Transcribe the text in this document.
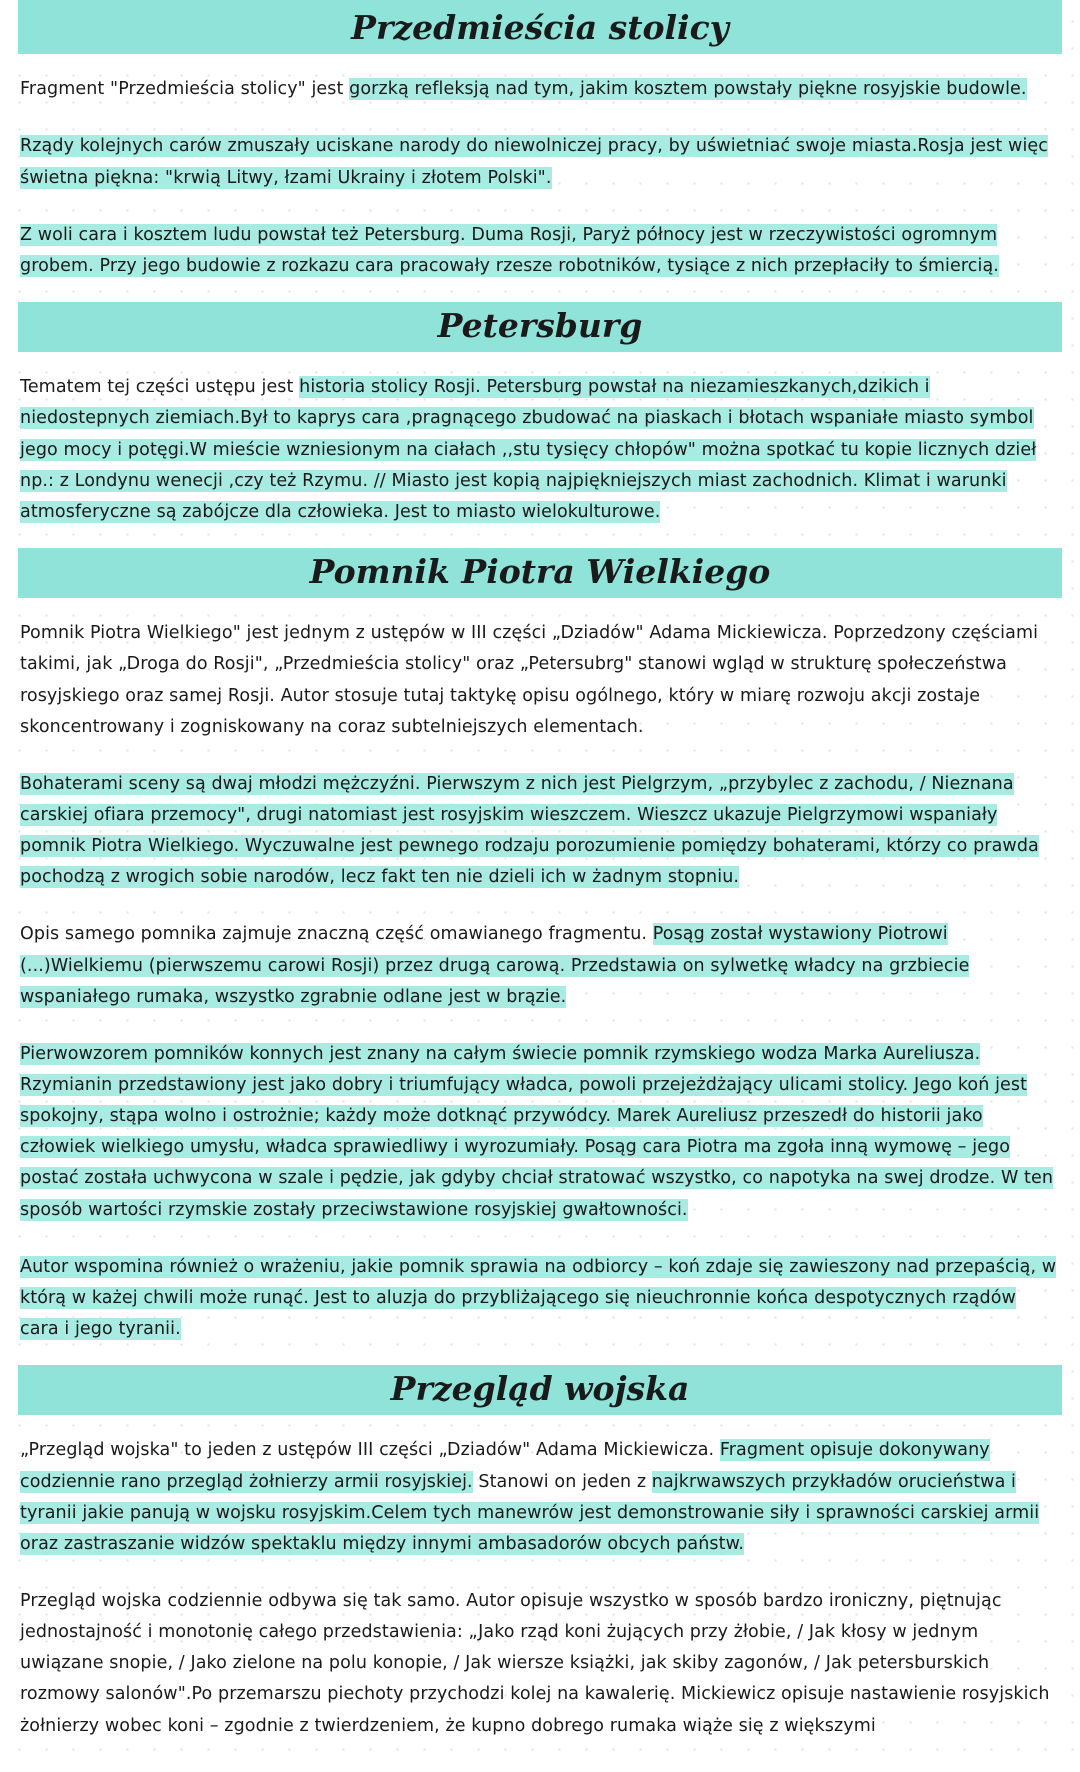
Przedmieścia stolicy

Fragment "Przedmieścia stolicy" jest gorzką refleksją nad tym, jakim kosztem powstały piękne rosyjskie budowle.

Rządy kolejnych carów zmuszały uciskane narody do niewolniczej pracy, by uświetniać swoje miasta.Rosja jest więc świetna piękna: "krwią Litwy, łzami Ukrainy i złotem Polski".

Z woli cara i kosztem ludu powstał też Petersburg. Duma Rosji, Paryż północy jest w rzeczywistości ogromnym grobem. Przy jego budowie z rozkazu cara pracowały rzesze robotników, tysiące z nich przepłaciły to śmiercią.

Petersburg

Tematem tej części ustępu jest historia stolicy Rosji. Petersburg powstał na niezamieszkanych,dzikich i niedostepnych ziemiach.Był to kaprys cara ,pragnącego zbudować na piaskach i błotach wspaniałe miasto symbol jego mocy i potęgi.W mieście wzniesionym na ciałach ,,stu tysięcy chłopów" można spotkać tu kopie licznych dzieł np.: z Londynu wenecji ,czy też Rzymu. // Miasto jest kopią najpiękniejszych miast zachodnich. Klimat i warunki atmosferyczne są zabójcze dla człowieka. Jest to miasto wielokulturowe.

Pomnik Piotra Wielkiego

Pomnik Piotra Wielkiego" jest jednym z ustępów w III części „Dziadów" Adama Mickiewicza. Poprzedzony częściami takimi, jak „Droga do Rosji", „Przedmieścia stolicy" oraz „Petersubrg" stanowi wgląd w strukturę społeczeństwa rosyjskiego oraz samej Rosji. Autor stosuje tutaj taktykę opisu ogólnego, który w miarę rozwoju akcji zostaje skoncentrowany i zogniskowany na coraz subtelniejszych elementach.

Bohaterami sceny są dwaj młodzi mężczyźni. Pierwszym z nich jest Pielgrzym, „przybylec z zachodu, / Nieznana carskiej ofiara przemocy", drugi natomiast jest rosyjskim wieszczem. Wieszcz ukazuje Pielgrzymowi wspaniały pomnik Piotra Wielkiego. Wyczuwalne jest pewnego rodzaju porozumienie pomiędzy bohaterami, którzy co prawda pochodzą z wrogich sobie narodów, lecz fakt ten nie dzieli ich w żadnym stopniu.

Opis samego pomnika zajmuje znaczną część omawianego fragmentu. Posąg został wystawiony Piotrowi (...)Wielkiemu (pierwszemu carowi Rosji) przez drugą carową. Przedstawia on sylwetkę władcy na grzbiecie wspaniałego rumaka, wszystko zgrabnie odlane jest w brązie.

Pierwowzorem pomników konnych jest znany na całym świecie pomnik rzymskiego wodza Marka Aureliusza. Rzymianin przedstawiony jest jako dobry i triumfujący władca, powoli przejeżdżający ulicami stolicy. Jego koń jest spokojny, stąpa wolno i ostrożnie; każdy może dotknąć przywódcy. Marek Aureliusz przeszedł do historii jako człowiek wielkiego umysłu, władca sprawiedliwy i wyrozumiały. Posąg cara Piotra ma zgoła inną wymowę – jego postać została uchwycona w szale i pędzie, jak gdyby chciał stratować wszystko, co napotyka na swej drodze. W ten sposób wartości rzymskie zostały przeciwstawione rosyjskiej gwałtowności.

Autor wspomina również o wrażeniu, jakie pomnik sprawia na odbiorcy – koń zdaje się zawieszony nad przepaścią, w którą w każej chwili może runąć. Jest to aluzja do przybliżającego się nieuchronnie końca despotycznych rządów cara i jego tyranii.

Przegląd wojska

„Przegląd wojska" to jeden z ustępów III części „Dziadów" Adama Mickiewicza. Fragment opisuje dokonywany codziennie rano przegląd żołnierzy armii rosyjskiej. Stanowi on jeden z najkrwawszych przykładów orucieństwa i tyranii jakie panują w wojsku rosyjskim.Celem tych manewrów jest demonstrowanie siły i sprawności carskiej armii oraz zastraszanie widzów spektaklu między innymi ambasadorów obcych państw.

Przegląd wojska codziennie odbywa się tak samo. Autor opisuje wszystko w sposób bardzo ironiczny, piętnując jednostajność i monotonię całego przedstawienia: „Jako rząd koni żujących przy żłobie, / Jak kłosy w jednym uwiązane snopie, / Jako zielone na polu konopie, / Jak wiersze książki, jak skiby zagonów, / Jak petersburskich rozmowy salonów".Po przemarszu piechoty przychodzi kolej na kawalerię. Mickiewicz opisuje nastawienie rosyjskich żołnierzy wobec koni – zgodnie z twierdzeniem, że kupno dobrego rumaka wiąże się z większymi
